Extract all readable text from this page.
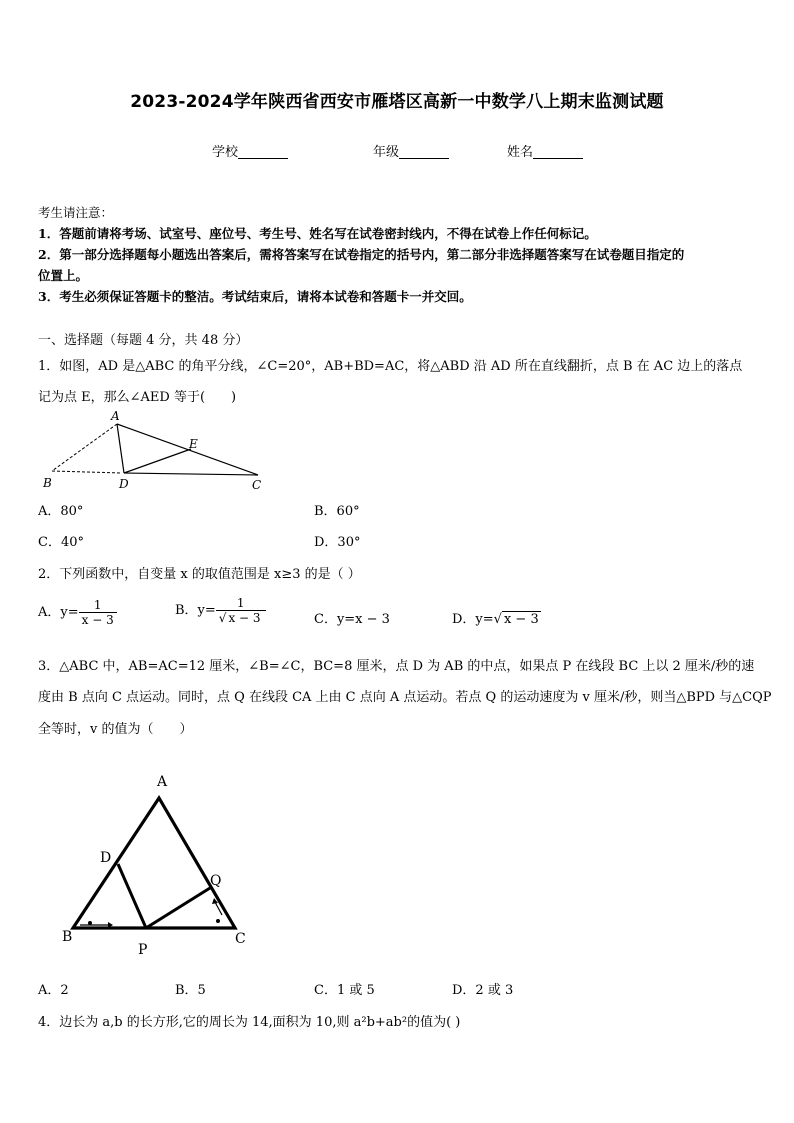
2023-2024学年陕西省西安市雁塔区高新一中数学八上期末监测试题
学校	年级	姓名
考生请注意：
1．答题前请将考场、试室号、座位号、考生号、姓名写在试卷密封线内，不得在试卷上作任何标记。
2．第一部分选择题每小题选出答案后，需将答案写在试卷指定的括号内，第二部分非选择题答案写在试卷题目指定的
位置上。
3．考生必须保证答题卡的整洁。考试结束后，请将本试卷和答题卡一并交回。
一、选择题（每题 4 分，共 48 分）
1．如图，AD 是△ABC 的角平分线，∠C=20°，AB+BD=AC，将△ABD 沿 AD 所在直线翻折，点 B 在 AC 边上的落点
记为点 E，那么∠AED 等于(　　)
A
B	D
E
C
A．80°	B．60°
C．40°	D．30°
2．下列函数中，自变量 x 的取值范围是 x≥3 的是（ ）
A．$y= \frac{1}{x - 3}$	B．$y= \frac{1}{√ x - 3}$	C．y=x − 3	D．y=√ x − 3
3．△ABC 中，AB=AC=12 厘米，∠B=∠C，BC=8 厘米，点 D 为 AB 的中点，如果点 P 在线段 BC 上以 2 厘米/秒的速
度由 B 点向 C 点运动。同时，点 Q 在线段 CA 上由 C 点向 A 点运动。若点 Q 的运动速度为 v 厘米/秒，则当△BPD 与△CQP
全等时，v 的值为（　　）
A
D
Q
B
P
C
A．2	B．5	C．1 或 5	D．2 或 3
4．边长为 a,b 的长方形,它的周长为 14,面积为 10,则 a²b+ab²的值为( )
